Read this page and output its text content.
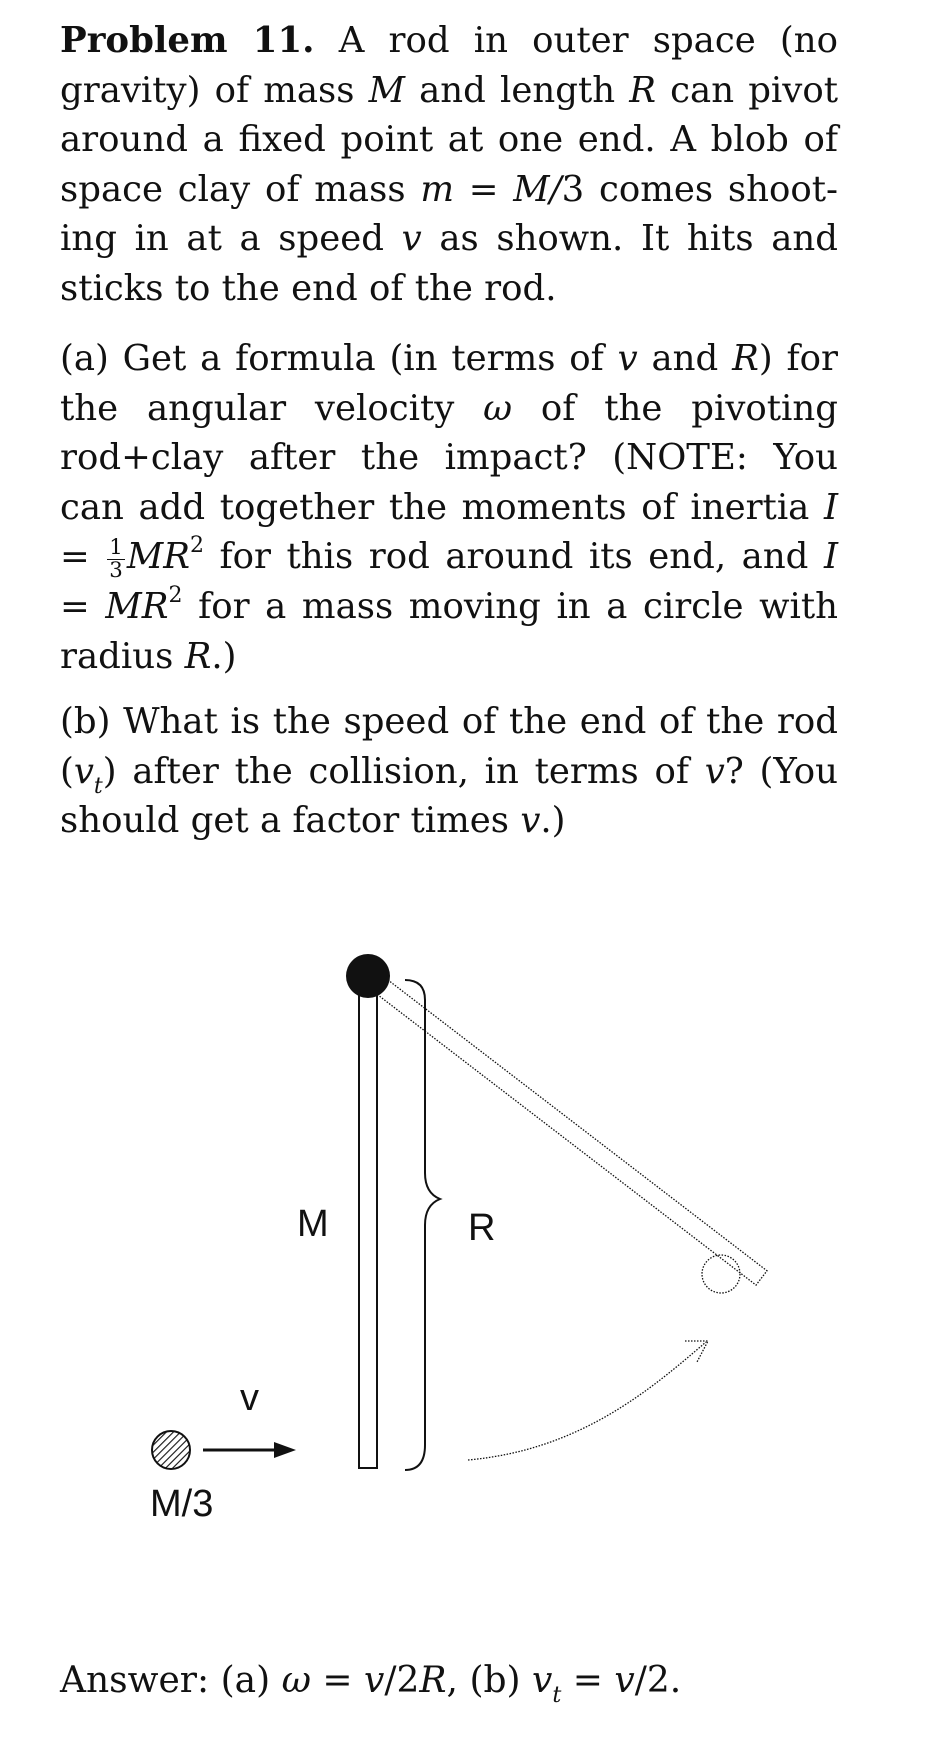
Problem 11. A rod in outer space (no gravity) of mass M and length R can pivot around a fixed point at one end. A blob of space clay of mass m = M/3 comes shoot-ing in at a speed v as shown. It hits and sticks to the end of the rod.
(a) Get a formula (in terms of v and R) for the angular velocity ω of the pivoting rod+clay after the impact? (NOTE: You can add together the moments of inertia $I = \frac{1}{3} MR^2$ for this rod around its end, and $I = MR^2$ for a mass moving in a circle with radius R.)
(b) What is the speed of the end of the rod $(v_t)$ after the collision, in terms of v? (You should get a factor times v.)
M	R
v
M/3
Answer: (a) ω = v/2R, (b) $v_t = v/2$.
